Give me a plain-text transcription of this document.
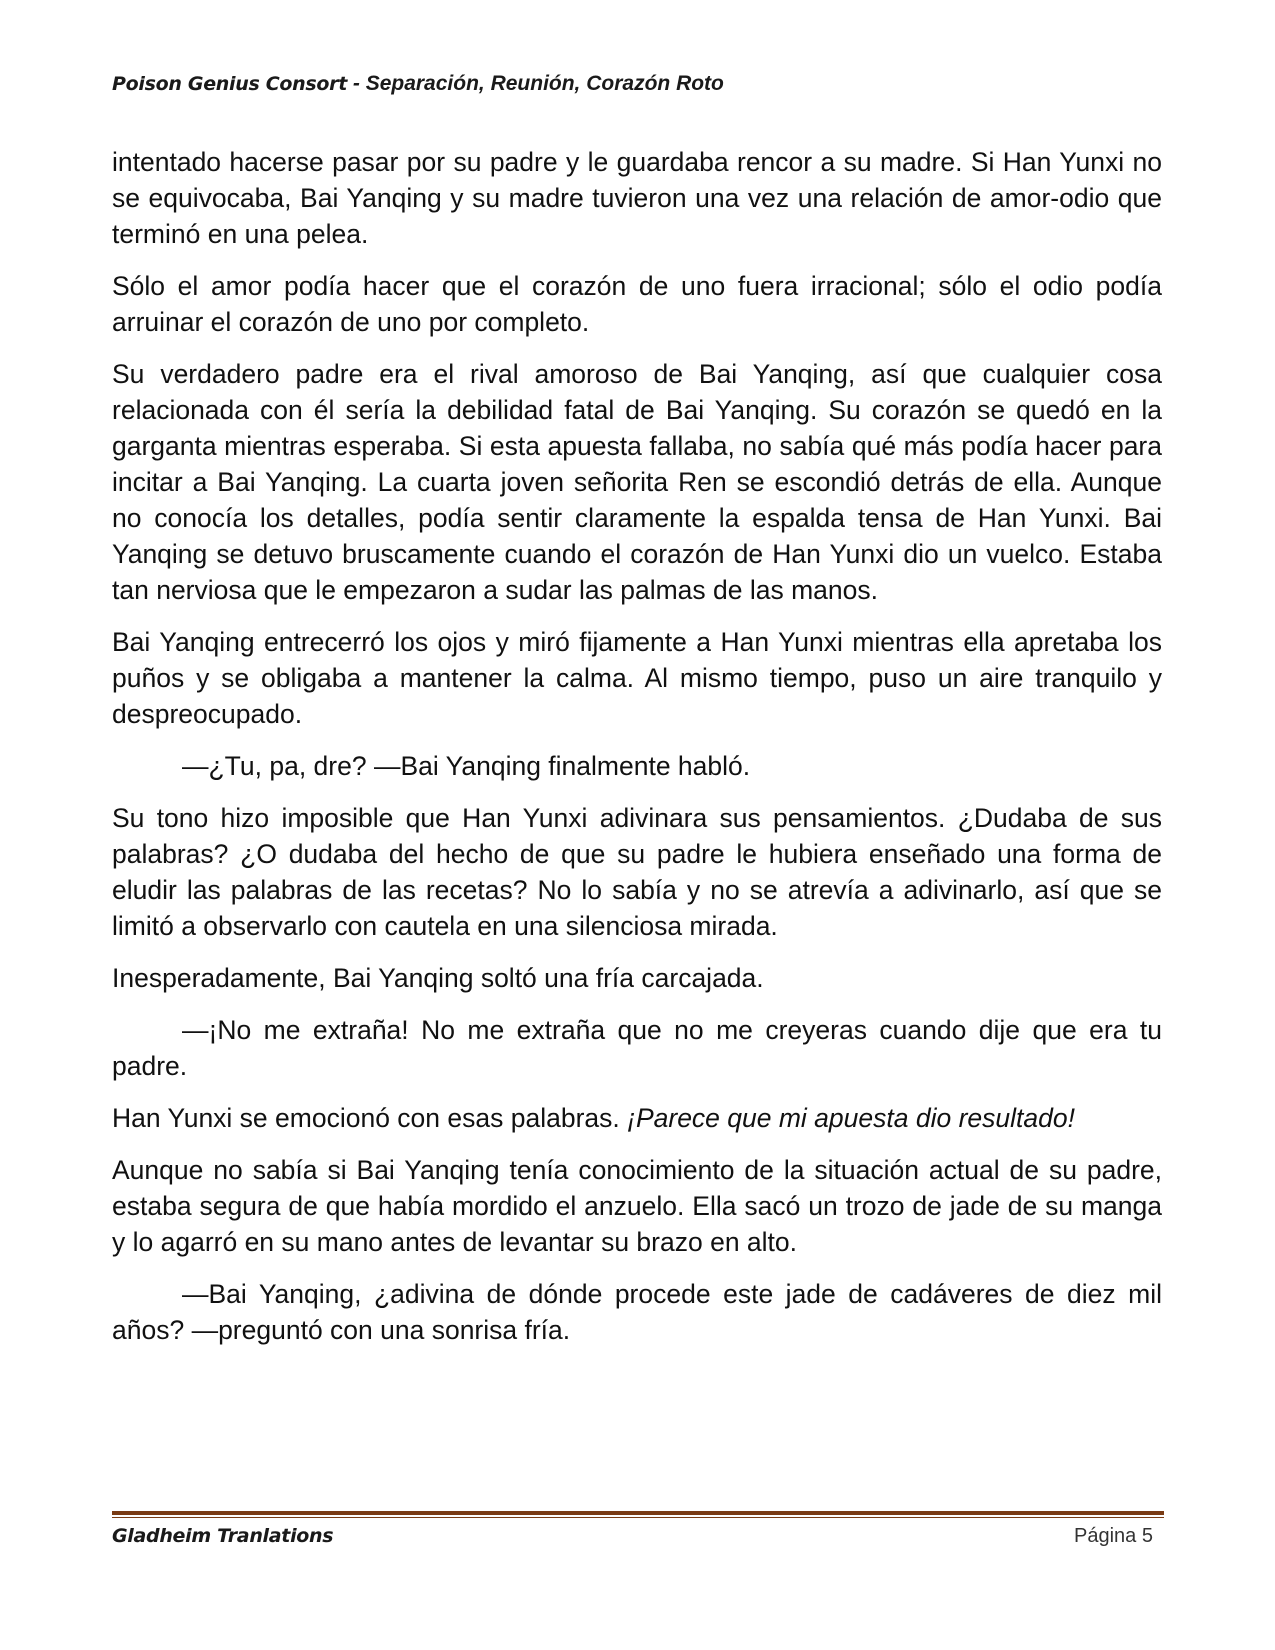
Poison Genius Consort - Separación, Reunión, Corazón Roto

intentado hacerse pasar por su padre y le guardaba rencor a su madre. Si Han Yunxi no se equivocaba, Bai Yanqing y su madre tuvieron una vez una relación de amor-odio que terminó en una pelea.

Sólo el amor podía hacer que el corazón de uno fuera irracional; sólo el odio podía arruinar el corazón de uno por completo.

Su verdadero padre era el rival amoroso de Bai Yanqing, así que cualquier cosa relacionada con él sería la debilidad fatal de Bai Yanqing. Su corazón se quedó en la garganta mientras esperaba. Si esta apuesta fallaba, no sabía qué más podía hacer para incitar a Bai Yanqing. La cuarta joven señorita Ren se escondió detrás de ella. Aunque no conocía los detalles, podía sentir claramente la espalda tensa de Han Yunxi. Bai Yanqing se detuvo bruscamente cuando el corazón de Han Yunxi dio un vuelco. Estaba tan nerviosa que le empezaron a sudar las palmas de las manos.

Bai Yanqing entrecerró los ojos y miró fijamente a Han Yunxi mientras ella apretaba los puños y se obligaba a mantener la calma. Al mismo tiempo, puso un aire tranquilo y despreocupado.

—¿Tu, pa, dre? —Bai Yanqing finalmente habló.

Su tono hizo imposible que Han Yunxi adivinara sus pensamientos. ¿Dudaba de sus palabras? ¿O dudaba del hecho de que su padre le hubiera enseñado una forma de eludir las palabras de las recetas? No lo sabía y no se atrevía a adivinarlo, así que se limitó a observarlo con cautela en una silenciosa mirada.

Inesperadamente, Bai Yanqing soltó una fría carcajada.

—¡No me extraña! No me extraña que no me creyeras cuando dije que era tu padre.

Han Yunxi se emocionó con esas palabras. ¡Parece que mi apuesta dio resultado!

Aunque no sabía si Bai Yanqing tenía conocimiento de la situación actual de su padre, estaba segura de que había mordido el anzuelo. Ella sacó un trozo de jade de su manga y lo agarró en su mano antes de levantar su brazo en alto.

—Bai Yanqing, ¿adivina de dónde procede este jade de cadáveres de diez mil años? —preguntó con una sonrisa fría.

Gladheim Tranlations	Página 5
